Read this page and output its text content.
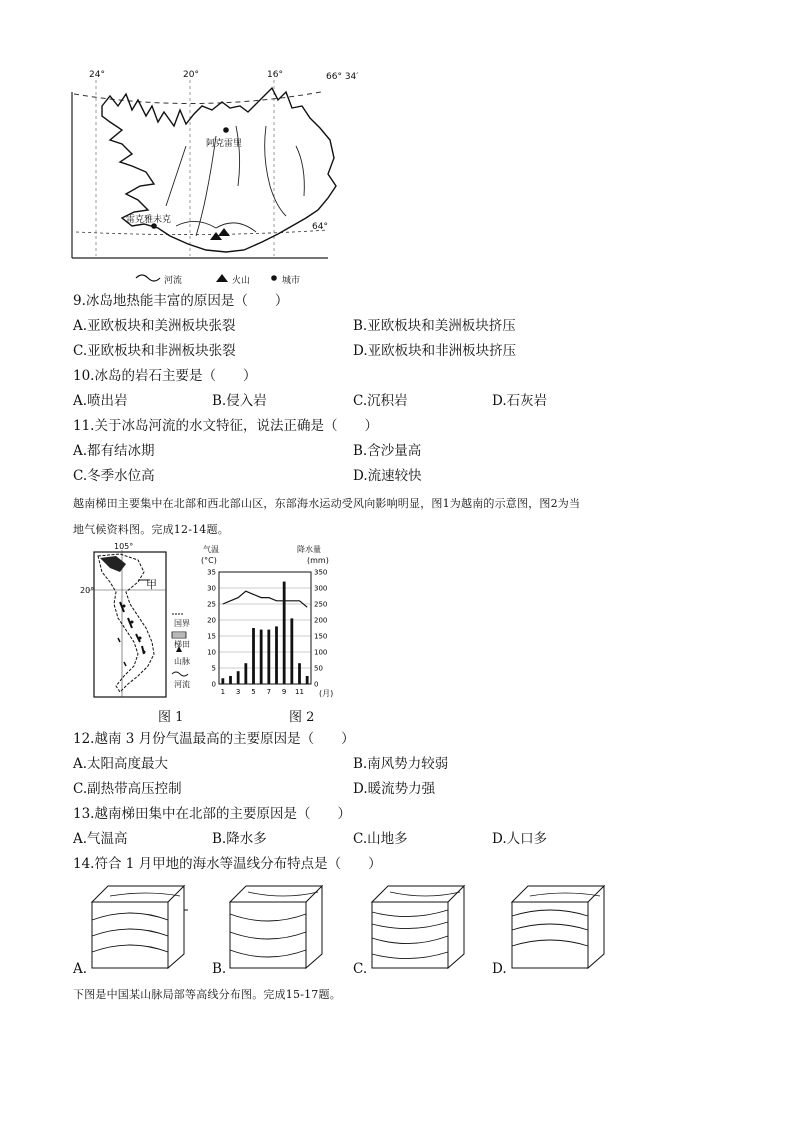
24°	20°	16°	66° 34′
64°
阿克雷里
雷克雅未克
河流	火山	城市
9.冰岛地热能丰富的原因是（　　）
A.亚欧板块和美洲板块张裂	B.亚欧板块和美洲板块挤压
C.亚欧板块和非洲板块张裂	D.亚欧板块和非洲板块挤压
10.冰岛的岩石主要是（　　）
A.喷出岩	B.侵入岩	C.沉积岩	D.石灰岩
11.关于冰岛河流的水文特征，说法正确是（　　）
A.都有结冰期	B.含沙量高
C.冬季水位高	D.流速较快
越南梯田主要集中在北部和西北部山区，东部海水运动受风向影响明显，图1为越南的示意图，图2为当
地气候资料图。完成12-14题。
105°
20°	甲
国界
梯田
山脉
河流
图 1
0
5
10
15
20
25
30
35
0
50
100
150
200
250
300
350
1 3 5 7 9 11
气温
(°C)
降水量
(mm)
(月)
图 2
12.越南 3 月份气温最高的主要原因是（　　）
A.太阳高度最大	B.南风势力较弱
C.副热带高压控制	D.暖流势力强
13.越南梯田集中在北部的主要原因是（　　）
A.气温高	B.降水多	C.山地多	D.人口多
14.符合 1 月甲地的海水等温线分布特点是（　　）
A.	B.	C.	D.
下图是中国某山脉局部等高线分布图。完成15-17题。
